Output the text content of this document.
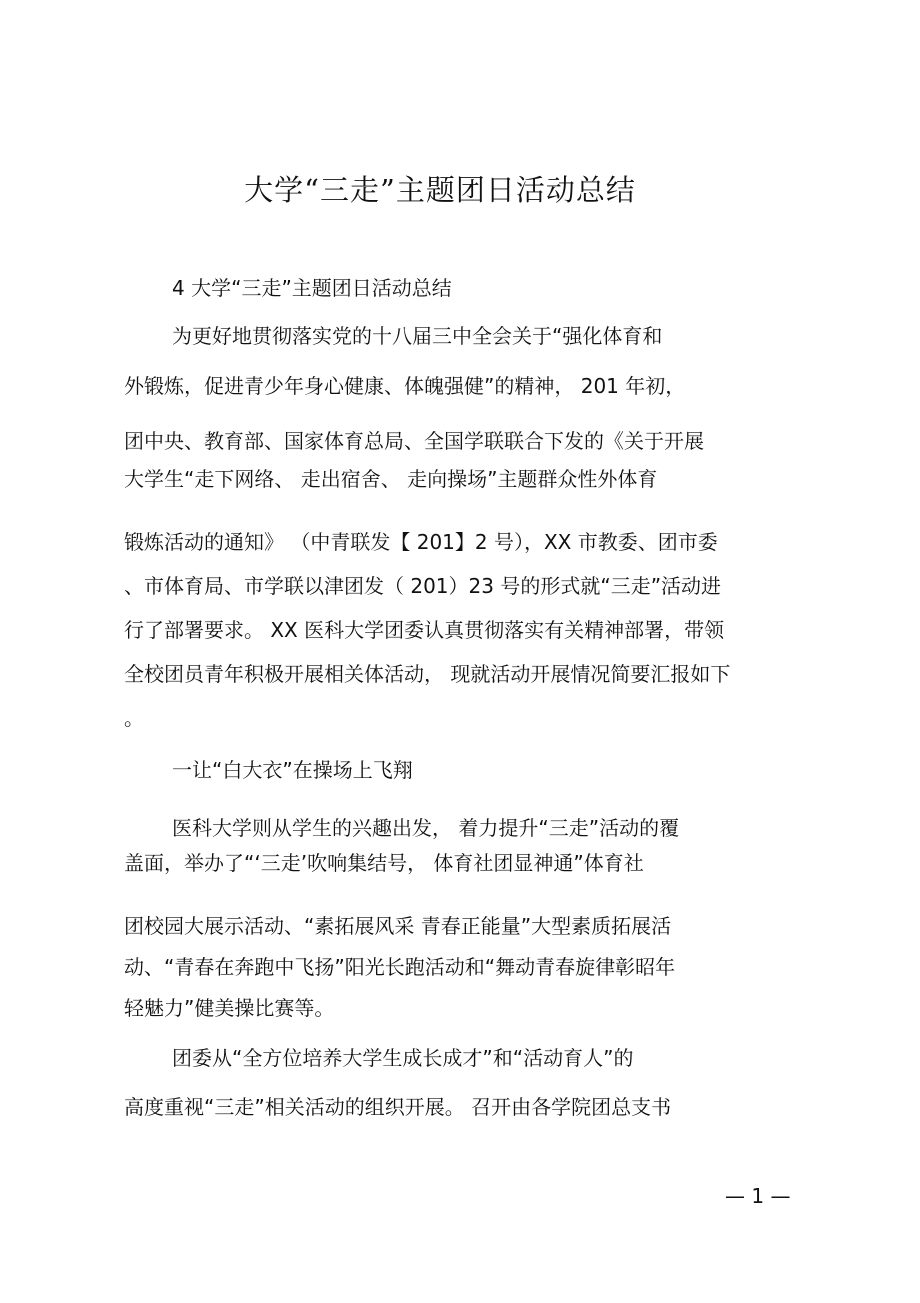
大学“三走”主题团日活动总结
4 大学“三走”主题团日活动总结
为更好地贯彻落实党的十八届三中全会关于“强化体育和
外锻炼，促进青少年身心健康、体魄强健”的精神， 201 年初，
团中央、教育部、国家体育总局、全国学联联合下发的《关于开展
大学生“走下网络、 走出宿舍、 走向操场”主题群众性外体育
锻炼活动的通知》 （中青联发【 201】2 号），XX 市教委、团市委
、市体育局、市学联以津团发（ 201）23 号的形式就“三走”活动进
行了部署要求。 XX 医科大学团委认真贯彻落实有关精神部署，带领
全校团员青年积极开展相关体活动， 现就活动开展情况简要汇报如下
。
一让“白大衣”在操场上飞翔
医科大学则从学生的兴趣出发， 着力提升“三走”活动的覆
盖面，举办了“‘三走’吹响集结号， 体育社团显神通”体育社
团校园大展示活动、“素拓展风采 青春正能量”大型素质拓展活
动、“青春在奔跑中飞扬”阳光长跑活动和“舞动青春旋律彰昭年
轻魅力”健美操比赛等。
团委从“全方位培养大学生成长成才”和“活动育人”的
高度重视“三走”相关活动的组织开展。 召开由各学院团总支书
— 1 —
